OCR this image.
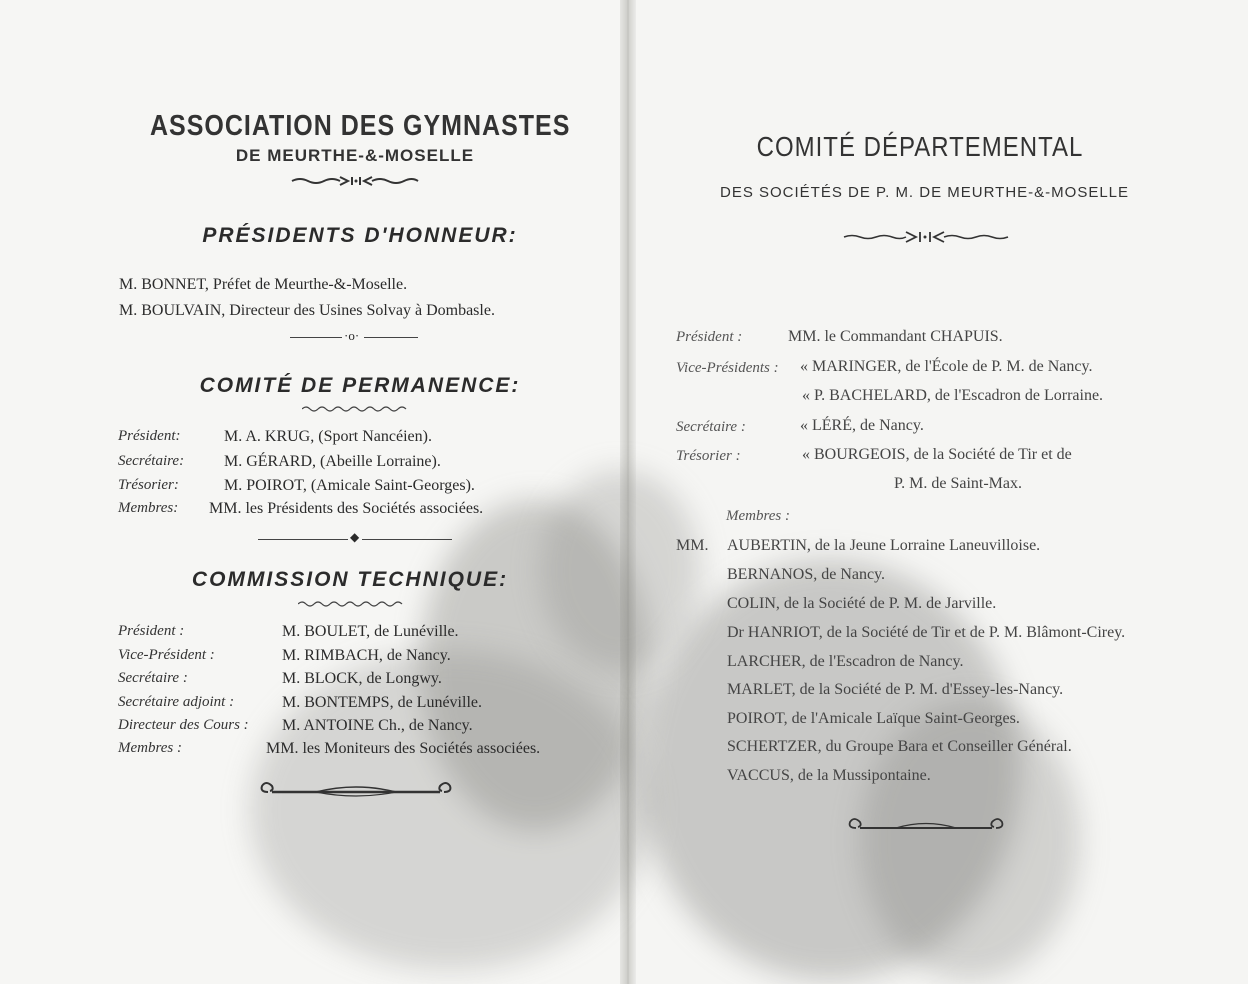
ASSOCIATION DES GYMNASTES
DE MEURTHE-&-MOSELLE
PRÉSIDENTS D'HONNEUR:
M. BONNET, Préfet de Meurthe-&-Moselle.
M. BOULVAIN, Directeur des Usines Solvay à Dombasle.
·o·
COMITÉ DE PERMANENCE:
Président:	M. A. KRUG, (Sport Nancéien).
Secrétaire: M. GÉRARD, (Abeille Lorraine).
Trésorier:	M. POIROT, (Amicale Saint-Georges).
Membres: MM. les Présidents des Sociétés associées.
◆
COMMISSION TECHNIQUE:
Président :	M. BOULET, de Lunéville.
Vice-Président :	M. RIMBACH, de Nancy.
Secrétaire :	M. BLOCK, de Longwy.
Secrétaire adjoint :	M. BONTEMPS, de Lunéville.
Directeur des Cours : M. ANTOINE Ch., de Nancy.
Membres :	MM. les Moniteurs des Sociétés associées.
COMITÉ DÉPARTEMENTAL
DES SOCIÉTÉS DE P. M. DE MEURTHE-&-MOSELLE
Président :	MM. le Commandant CHAPUIS.
Vice-Présidents : « MARINGER, de l'École de P. M. de Nancy.
« P. BACHELARD, de l'Escadron de Lorraine.
Secrétaire :	« LÉRÉ, de Nancy.
Trésorier :	« BOURGEOIS, de la Société de Tir et de
P. M. de Saint-Max.
Membres :
MM. AUBERTIN, de la Jeune Lorraine Laneuvilloise.
BERNANOS, de Nancy.
COLIN, de la Société de P. M. de Jarville.
Dr HANRIOT, de la Société de Tir et de P. M. Blâmont-Cirey.
LARCHER, de l'Escadron de Nancy.
MARLET, de la Société de P. M. d'Essey-les-Nancy.
POIROT, de l'Amicale Laïque Saint-Georges.
SCHERTZER, du Groupe Bara et Conseiller Général.
VACCUS, de la Mussipontaine.
